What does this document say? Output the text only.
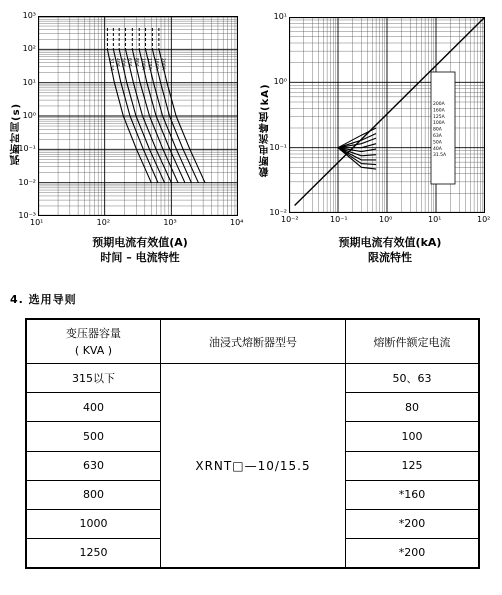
31.5A 40A 50A 63A 80A 100A 125A 160A 200A
弧断时间(s)
预期电流有效值(A)
时间 – 电流特性
200A
160A
125A
100A
80A
63A
50A
40A
31.5A
截断电流峰值(kA)
预期电流有效值(kA)
限流特性
4. 选用导则
变压器容量
( KVA )	油浸式熔断器型号	熔断件额定电流
315以下	XRNT□—10/15.5	50、63
400		80
500		100
630		125
800		*160
1000		*200
1250		*200
10¹	10²	10³	10⁴
10³
10²
10¹
10⁰
10⁻¹
10⁻²
10⁻³	10⁻²	10⁻¹	10⁰	10¹	10²
10¹
10⁰
10⁻¹
10⁻²
